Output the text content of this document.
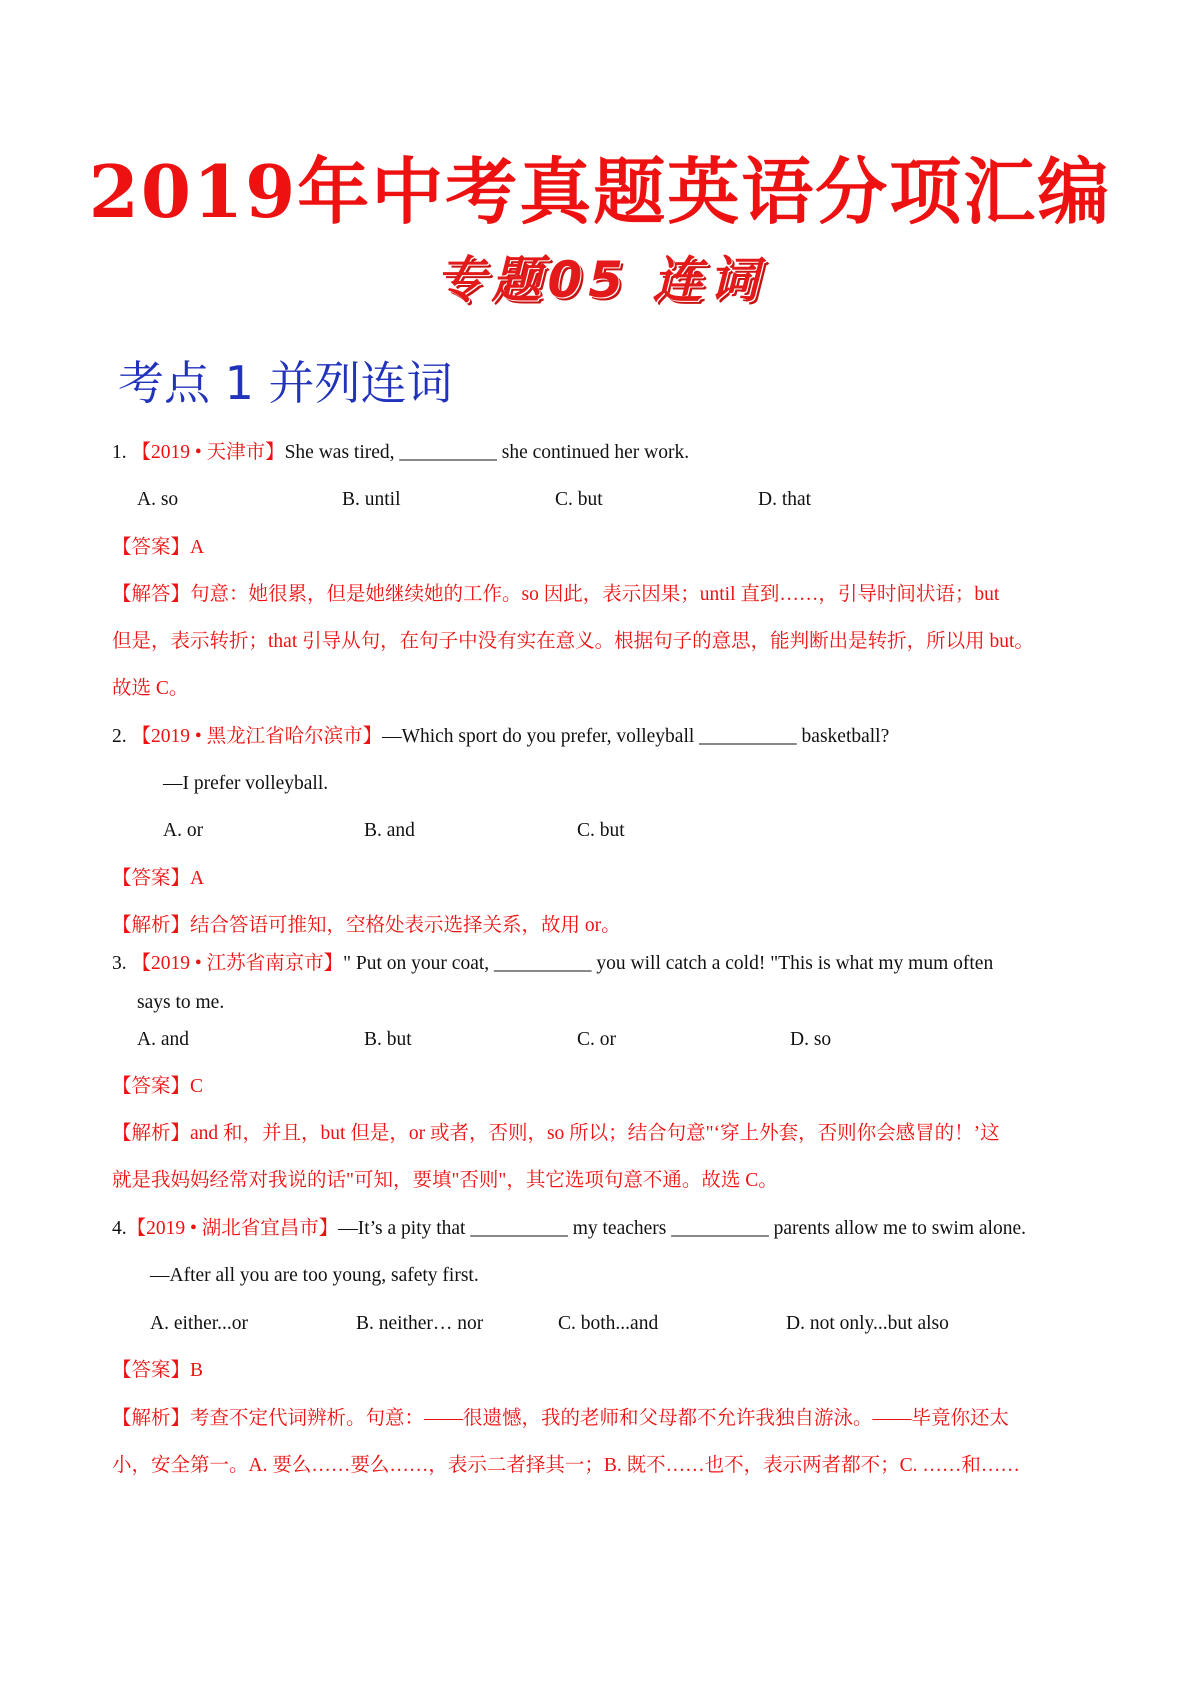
2019年中考真题英语分项汇编
专题05 连词
考点 1 并列连词
1. 【2019 • 天津市】She was tired, __________ she continued her work.
A. so	B. until	C. but	D. that
【答案】A
【解答】句意：她很累，但是她继续她的工作。so 因此，表示因果；until 直到……，引导时间状语；but
但是，表示转折；that 引导从句，在句子中没有实在意义。根据句子的意思，能判断出是转折，所以用 but。
故选 C。
2. 【2019 • 黑龙江省哈尔滨市】—Which sport do you prefer, volleyball __________ basketball?
—I prefer volleyball.
A. or	B. and	C. but
【答案】A
【解析】结合答语可推知，空格处表示选择关系，故用 or。
3. 【2019 • 江苏省南京市】" Put on your coat, __________ you will catch a cold! "This is what my mum often
says to me.
A. and	B. but	C. or	D. so
【答案】C
【解析】and 和，并且，but 但是，or 或者，否则，so 所以；结合句意"‘穿上外套，否则你会感冒的！’这
就是我妈妈经常对我说的话"可知，要填"否则"，其它选项句意不通。故选 C。
4.【2019 • 湖北省宜昌市】—It’s a pity that __________ my teachers __________ parents allow me to swim alone.
—After all you are too young, safety first.
A. either...or	B. neither… nor	C. both...and	D. not only...but also
【答案】B
【解析】考查不定代词辨析。句意：——很遗憾，我的老师和父母都不允许我独自游泳。——毕竟你还太
小，安全第一。A. 要么……要么……，表示二者择其一；B. 既不……也不，表示两者都不；C. ……和……
